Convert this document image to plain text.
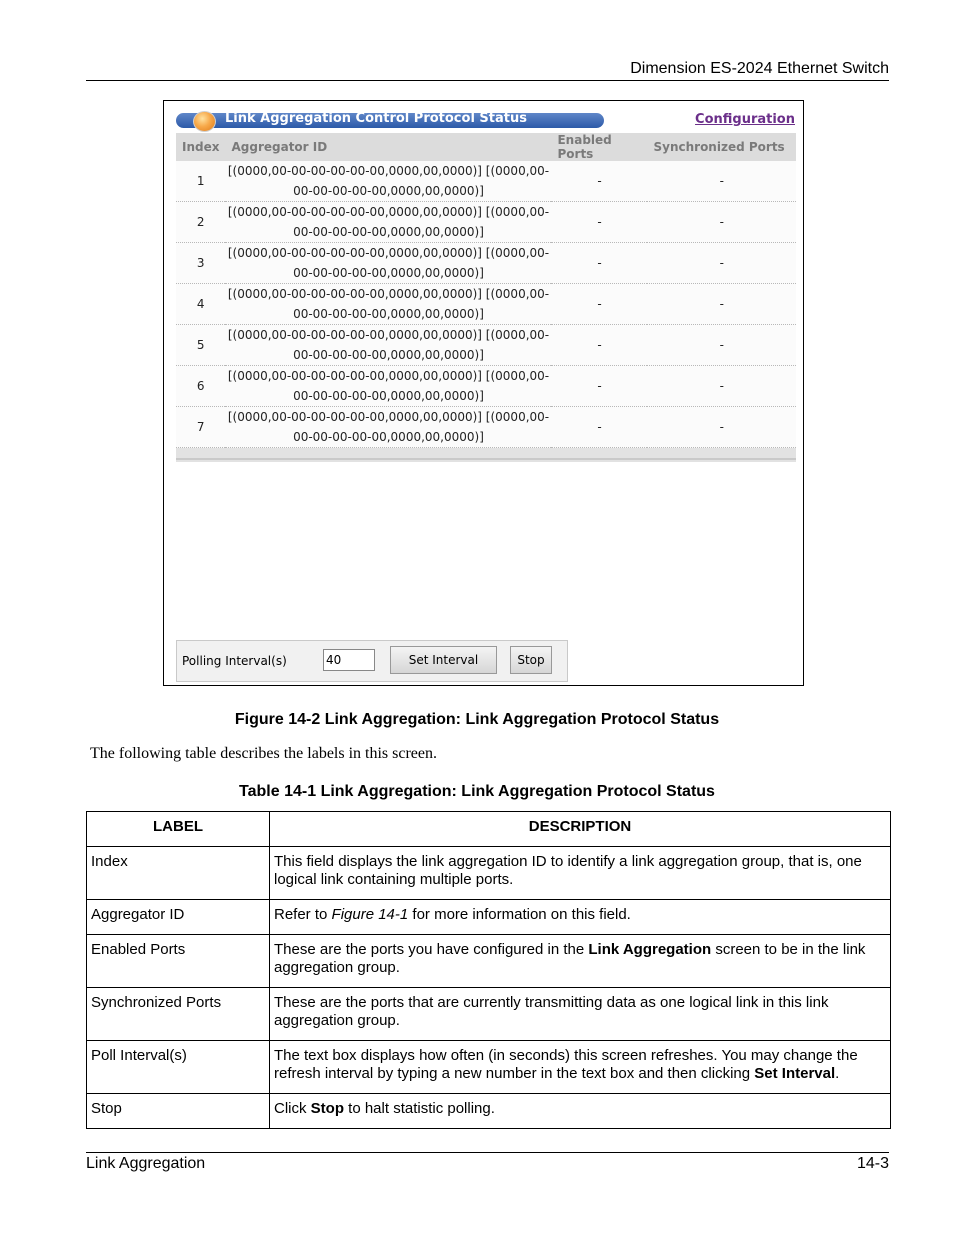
Dimension ES-2024 Ethernet Switch
Link Aggregation Control Protocol Status	Configuration
Index	Aggregator ID	Enabled Ports	Synchronized Ports
1	[(0000,00-00-00-00-00-00,0000,00,0000)] [(0000,00-
00-00-00-00-00,0000,00,0000)]	-	-
2	[(0000,00-00-00-00-00-00,0000,00,0000)] [(0000,00-
00-00-00-00-00,0000,00,0000)]	-	-
3	[(0000,00-00-00-00-00-00,0000,00,0000)] [(0000,00-
00-00-00-00-00,0000,00,0000)]	-	-
4	[(0000,00-00-00-00-00-00,0000,00,0000)] [(0000,00-
00-00-00-00-00,0000,00,0000)]	-	-
5	[(0000,00-00-00-00-00-00,0000,00,0000)] [(0000,00-
00-00-00-00-00,0000,00,0000)]	-	-
6	[(0000,00-00-00-00-00-00,0000,00,0000)] [(0000,00-
00-00-00-00-00,0000,00,0000)]	-	-
7	[(0000,00-00-00-00-00-00,0000,00,0000)] [(0000,00-
00-00-00-00-00,0000,00,0000)]	-	-

Polling Interval(s)
40	Set Interval	Stop
Figure 14-2 Link Aggregation: Link Aggregation Protocol Status
The following table describes the labels in this screen.
Table 14-1 Link Aggregation: Link Aggregation Protocol Status
LABEL	DESCRIPTION
Index	This field displays the link aggregation ID to identify a link aggregation group, that is, one logical link containing multiple ports.
Aggregator ID	Refer to Figure 14-1 for more information on this field.
Enabled Ports	These are the ports you have configured in the Link Aggregation screen to be in the link aggregation group.
Synchronized Ports	These are the ports that are currently transmitting data as one logical link in this link aggregation group.
Poll Interval(s)	The text box displays how often (in seconds) this screen refreshes. You may change the refresh interval by typing a new number in the text box and then clicking Set Interval.
Stop	Click Stop to halt statistic polling.
Link Aggregation	14-3
